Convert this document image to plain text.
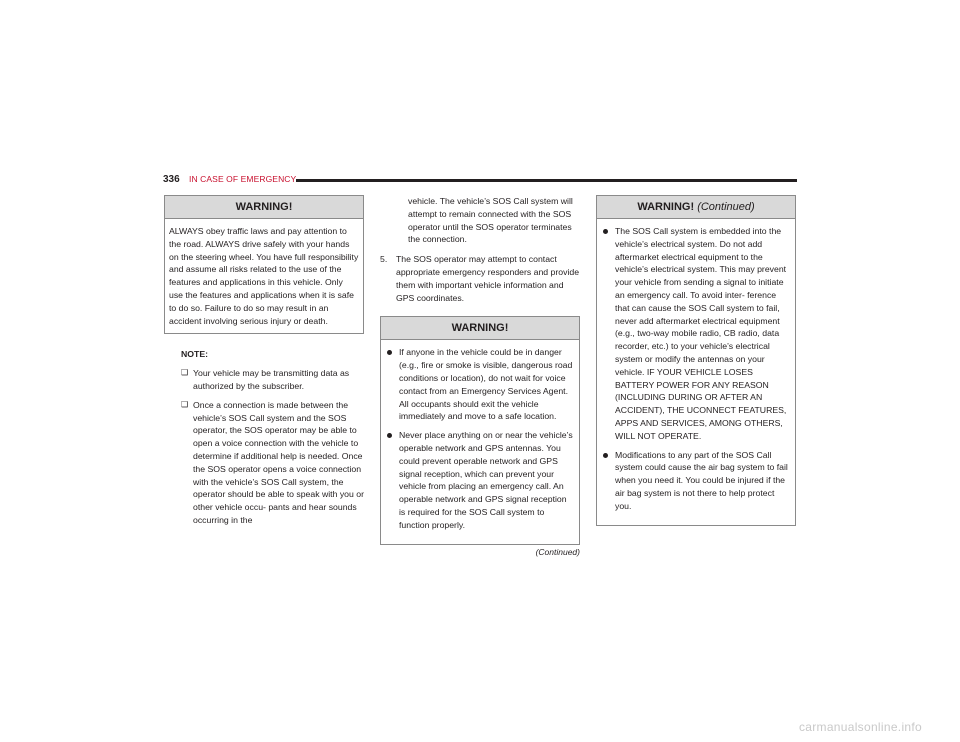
336 IN CASE OF EMERGENCY
WARNING!

ALWAYS obey traffic laws and pay attention to the road. ALWAYS drive safely with your hands on the steering wheel. You have full responsibility and assume all risks related to the use of the features and applications in this vehicle. Only use the features and applications when it is safe to do so. Failure to do so may result in an accident involving serious injury or death.

NOTE:
❑ Your vehicle may be transmitting data as authorized by the subscriber.
❑ Once a connection is made between the vehicle’s SOS Call system and the SOS operator, the SOS operator may be able to open a voice connection with the vehicle to determine if additional help is needed. Once the SOS operator opens a voice connection with the vehicle’s SOS Call system, the operator should be able to speak with you or other vehicle occu- pants and hear sounds occurring in the
vehicle. The vehicle’s SOS Call system will attempt to remain connected with the SOS operator until the SOS operator terminates the connection.
5. The SOS operator may attempt to contact appropriate emergency responders and provide them with important vehicle information and GPS coordinates.
WARNING!
If anyone in the vehicle could be in danger (e.g., fire or smoke is visible, dangerous road conditions or location), do not wait for voice contact from an Emergency Services Agent. All occupants should exit the vehicle immediately and move to a safe location.
Never place anything on or near the vehicle’s operable network and GPS antennas. You could prevent operable network and GPS signal reception, which can prevent your vehicle from placing an emergency call. An operable network and GPS signal reception is required for the SOS Call system to function properly.
(Continued)
WARNING! (Continued)
The SOS Call system is embedded into the vehicle’s electrical system. Do not add aftermarket electrical equipment to the vehicle’s electrical system. This may prevent your vehicle from sending a signal to initiate an emergency call. To avoid inter- ference that can cause the SOS Call system to fail, never add aftermarket electrical equipment (e.g., two-way mobile radio, CB radio, data recorder, etc.) to your vehicle’s electrical system or modify the antennas on your vehicle. IF YOUR VEHICLE LOSES BATTERY POWER FOR ANY REASON (INCLUDING DURING OR AFTER AN ACCIDENT), THE UCONNECT FEATURES, APPS AND SERVICES, AMONG OTHERS, WILL NOT OPERATE.
Modifications to any part of the SOS Call system could cause the air bag system to fail when you need it. You could be injured if the air bag system is not there to help protect you.
carmanualsonline.info
